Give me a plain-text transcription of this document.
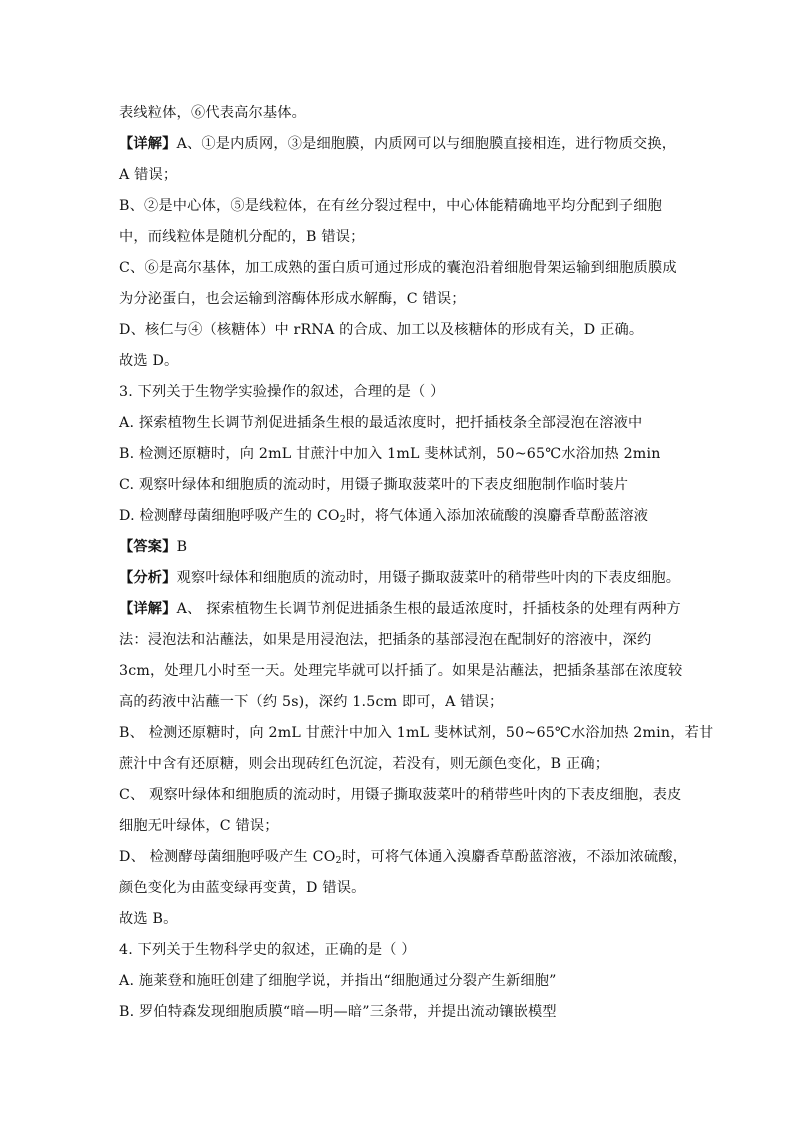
表线粒体，⑥代表高尔基体。
【详解】A、①是内质网，③是细胞膜，内质网可以与细胞膜直接相连，进行物质交换，
A 错误；
B、②是中心体，⑤是线粒体，在有丝分裂过程中，中心体能精确地平均分配到子细胞
中，而线粒体是随机分配的，B 错误；
C、⑥是高尔基体，加工成熟的蛋白质可通过形成的囊泡沿着细胞骨架运输到细胞质膜成
为分泌蛋白，也会运输到溶酶体形成水解酶，C 错误；
D、核仁与④（核糖体）中 rRNA 的合成、加工以及核糖体的形成有关，D 正确。
故选 D。
3. 下列关于生物学实验操作的叙述，合理的是（ ）
A. 探索植物生长调节剂促进插条生根的最适浓度时，把扦插枝条全部浸泡在溶液中
B. 检测还原糖时，向 2mL 甘蔗汁中加入 1mL 斐林试剂，50~65℃水浴加热 2min
C. 观察叶绿体和细胞质的流动时，用镊子撕取菠菜叶的下表皮细胞制作临时装片
D. 检测酵母菌细胞呼吸产生的 $CO_2$时，将气体通入添加浓硫酸的溴麝香草酚蓝溶液
【答案】B
【分析】观察叶绿体和细胞质的流动时，用镊子撕取菠菜叶的稍带些叶肉的下表皮细胞。
【详解】A、 探索植物生长调节剂促进插条生根的最适浓度时，扦插枝条的处理有两种方
法：浸泡法和沾蘸法，如果是用浸泡法，把插条的基部浸泡在配制好的溶液中，深约
3cm，处理几小时至一天。处理完毕就可以扦插了。如果是沾蘸法，把插条基部在浓度较
高的药液中沾蘸一下（约 5s)，深约 1.5cm 即可，A 错误；
B、 检测还原糖时，向 2mL 甘蔗汁中加入 1mL 斐林试剂，50~65℃水浴加热 2min，若甘
蔗汁中含有还原糖，则会出现砖红色沉淀，若没有，则无颜色变化，B 正确；
C、 观察叶绿体和细胞质的流动时，用镊子撕取菠菜叶的稍带些叶肉的下表皮细胞，表皮
细胞无叶绿体，C 错误；
D、 检测酵母菌细胞呼吸产生 $CO_2$时，可将气体通入溴麝香草酚蓝溶液，不添加浓硫酸，
颜色变化为由蓝变绿再变黄，D 错误。
故选 B。
4. 下列关于生物科学史的叙述，正确的是（ ）
A. 施莱登和施旺创建了细胞学说，并指出“细胞通过分裂产生新细胞”
B. 罗伯特森发现细胞质膜“暗—明—暗”三条带，并提出流动镶嵌模型
